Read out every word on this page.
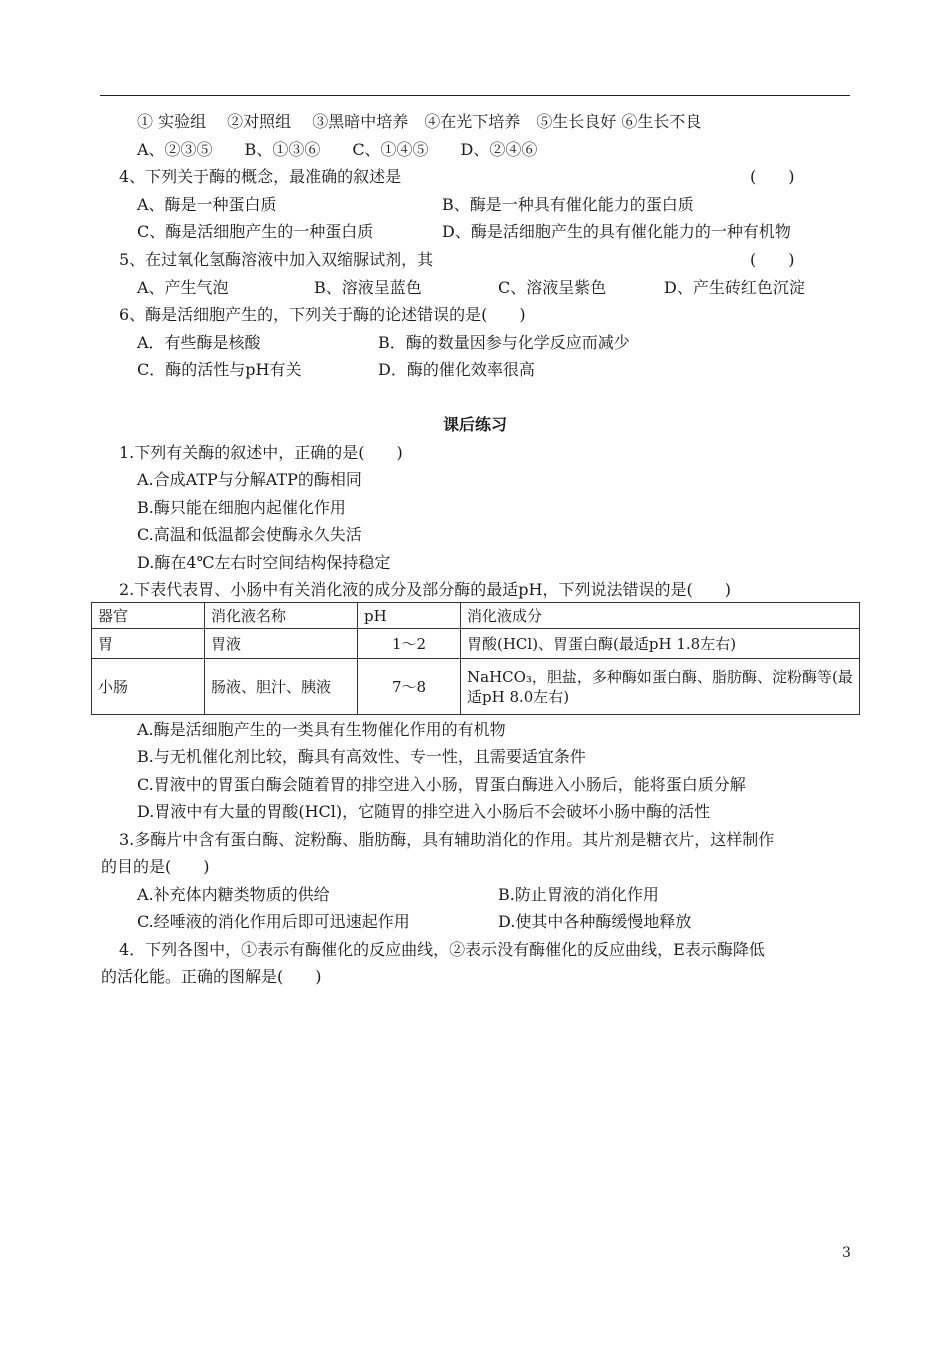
① 实验组　 ②对照组　 ③黑暗中培养　④在光下培养　⑤生长良好 ⑥生长不良
A、②③⑤　　B、①③⑥　　C、①④⑤　　D、②④⑥
4、下列关于酶的概念，最准确的叙述是	(　　)
A、酶是一种蛋白质	B、酶是一种具有催化能力的蛋白质
C、酶是活细胞产生的一种蛋白质	D、酶是活细胞产生的具有催化能力的一种有机物
5、在过氧化氢酶溶液中加入双缩脲试剂，其	(　　)
A、产生气泡	B、溶液呈蓝色	C、溶液呈紫色	D、产生砖红色沉淀
6、酶是活细胞产生的，下列关于酶的论述错误的是(　　)
A．有些酶是核酸	B．酶的数量因参与化学反应而减少
C．酶的活性与pH有关	D．酶的催化效率很高
课后练习
1.下列有关酶的叙述中，正确的是(　　)
A.合成ATP与分解ATP的酶相同
B.酶只能在细胞内起催化作用
C.高温和低温都会使酶永久失活
D.酶在4℃左右时空间结构保持稳定
2.下表代表胃、小肠中有关消化液的成分及部分酶的最适pH，下列说法错误的是(　　)
器官	消化液名称	pH	消化液成分
胃	胃液	1～2	胃酸(HCl)、胃蛋白酶(最适pH 1.8左右)
小肠	肠液、胆汁、胰液	7～8	NaHCO₃，胆盐，多种酶如蛋白酶、脂肪酶、淀粉酶等(最适pH 8.0左右)
A.酶是活细胞产生的一类具有生物催化作用的有机物
B.与无机催化剂比较，酶具有高效性、专一性，且需要适宜条件
C.胃液中的胃蛋白酶会随着胃的排空进入小肠，胃蛋白酶进入小肠后，能将蛋白质分解
D.胃液中有大量的胃酸(HCl)，它随胃的排空进入小肠后不会破坏小肠中酶的活性
3.多酶片中含有蛋白酶、淀粉酶、脂肪酶，具有辅助消化的作用。其片剂是糖衣片，这样制作
的目的是(　　)
A.补充体内糖类物质的供给	B.防止胃液的消化作用
C.经唾液的消化作用后即可迅速起作用	D.使其中各种酶缓慢地释放
4．下列各图中，①表示有酶催化的反应曲线，②表示没有酶催化的反应曲线，E表示酶降低
的活化能。正确的图解是(　　)
3
